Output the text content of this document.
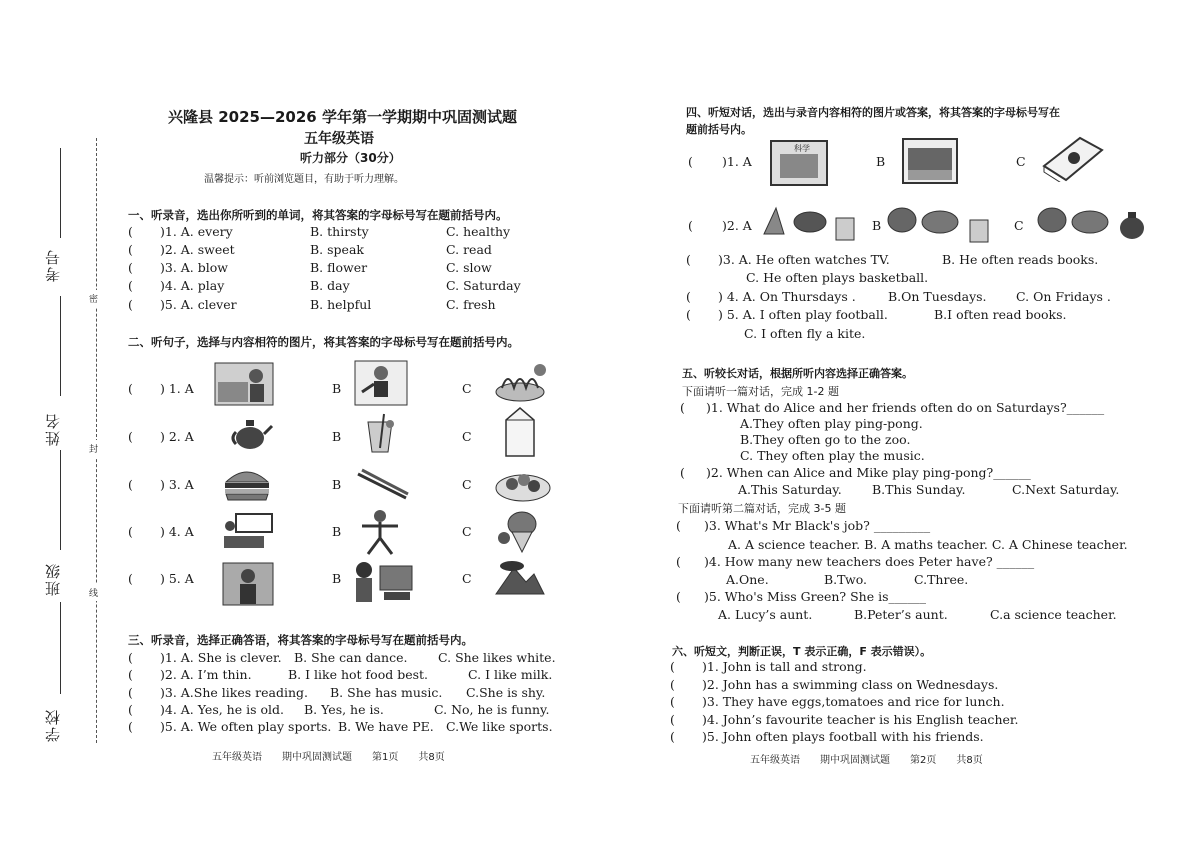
考号
姓名
班级
学校
密
封
线
兴隆县 2025—2026 学年第一学期期中巩固测试题
五年级英语
听力部分（30分）
温馨提示：听前浏览题目，有助于听力理解。
一、听录音，选出你所听到的单词，将其答案的字母标号写在题前括号内。
( )1. A. every	B. thirsty	C. healthy
( )2. A. sweet	B. speak	C. read
( )3. A. blow	B. flower	C. slow
( )4. A. play	B. day	C. Saturday
( )5. A. clever	B. helpful	C. fresh
二、听句子，选择与内容相符的图片，将其答案的字母标号写在题前括号内。
( ) 1. A	B	C
( ) 2. A	B	C
( ) 3. A	B	C
( ) 4. A	B	C
( ) 5. A	B	C
三、听录音，选择正确答语，将其答案的字母标号写在题前括号内。
( )1. A. She is clever. B. She can dance. C. She likes white.
( )2. A. I’m thin.	B. I like hot food best.	C. I like milk.
( )3. A.She likes reading. B. She has music. C.She is shy.
( )4. A. Yes, he is old. B. Yes, he is.	C. No, he is funny.
( )5. A. We often play sports. B. We have PE. C.We like sports.
五年级英语　　期中巩固测试题　　第1页　　共8页
四、听短对话，选出与录音内容相符的图片或答案，将其答案的字母标号写在
题前括号内。
( )1. A
科学
B	C
( )2. A	B	C
( )3. A. He often watches TV.	B. He often reads books.
C. He often plays basketball.
( ) 4. A. On Thursdays .	B.On Tuesdays. C. On Fridays .
( ) 5. A. I often play football.	B.I often read books.
C. I often fly a kite.
五、听较长对话，根据所听内容选择正确答案。
下面请听一篇对话，完成 1-2 题
( )1. What do Alice and her friends often do on Saturdays?______
A.They often play ping-pong.
B.They often go to the zoo.
C. They often play the music.
( )2. When can Alice and Mike play ping-pong?______
A.This Saturday. B.This Sunday.	C.Next Saturday.
下面请听第二篇对话，完成 3-5 题
( )3. What's Mr Black's job? _________
A. A science teacher. B. A maths teacher. C. A Chinese teacher.
( )4. How many new teachers does Peter have? ______
A.One.	B.Two.	C.Three.
( )5. Who's Miss Green? She is______
A. Lucy’s aunt.	B.Peter’s aunt.	C.a science teacher.
六、听短文，判断正误，T 表示正确，F 表示错误）。
( )1. John is tall and strong.
( )2. John has a swimming class on Wednesdays.
( )3. They have eggs,tomatoes and rice for lunch.
( )4. John’s favourite teacher is his English teacher.
( )5. John often plays football with his friends.
五年级英语　　期中巩固测试题　　第2页　　共8页
